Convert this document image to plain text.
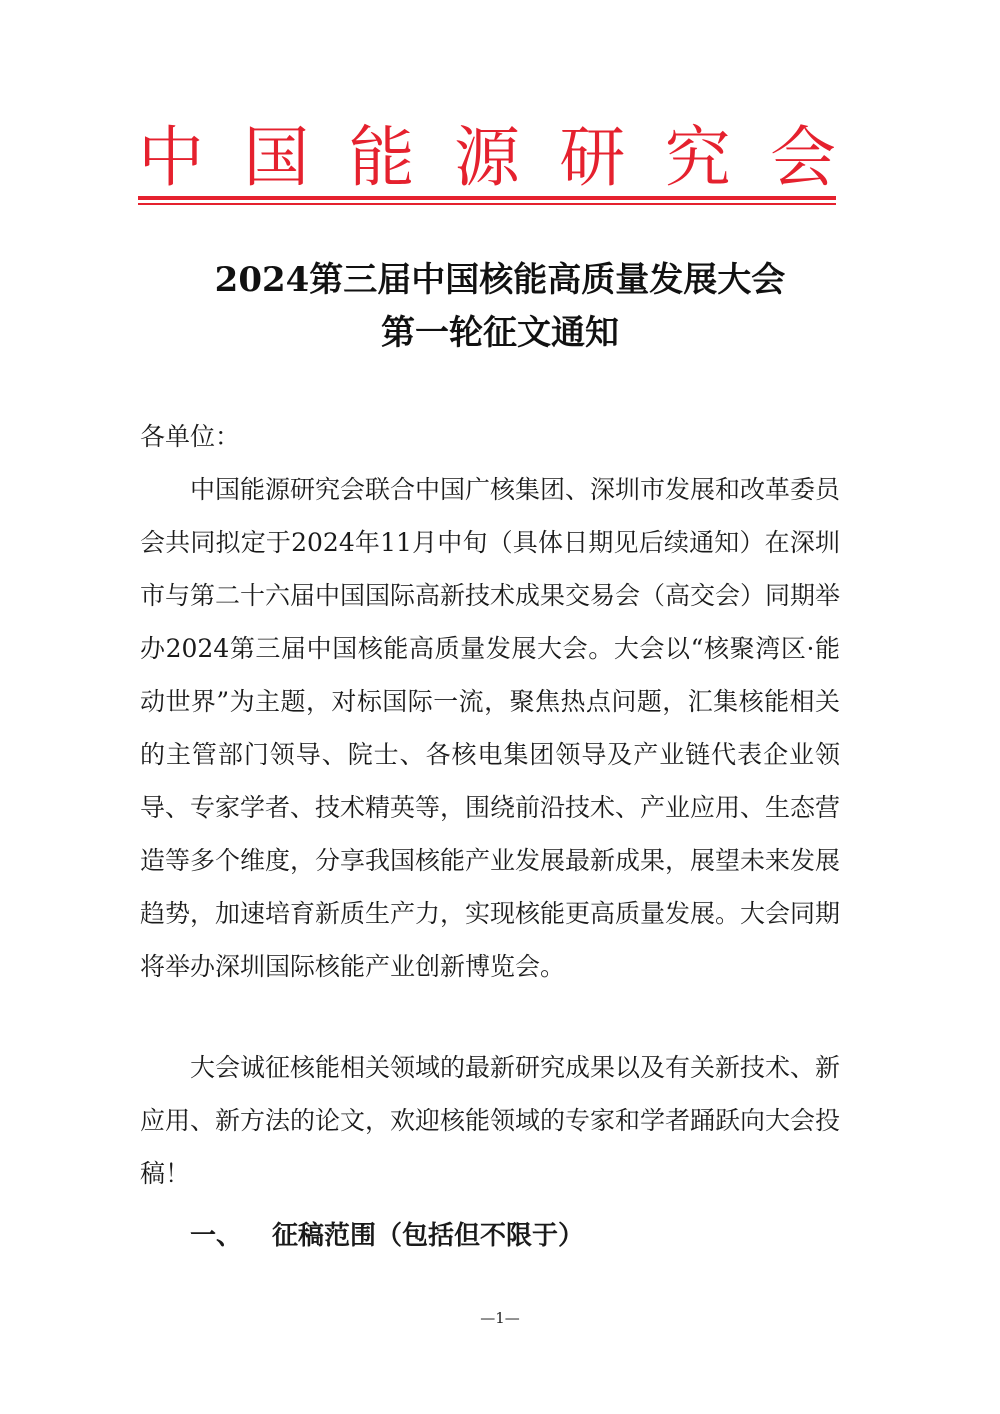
中 国 能 源 研 究 会
2024第三届中国核能高质量发展大会
第一轮征文通知
各单位：

中国能源研究会联合中国广核集团、深圳市发展和改革委员会共同拟定于2024年11月中旬（具体日期见后续通知）在深圳市与第二十六届中国国际高新技术成果交易会（高交会）同期举办2024第三届中国核能高质量发展大会。大会以“核聚湾区·能动世界”为主题，对标国际一流，聚焦热点问题，汇集核能相关的主管部门领导、院士、各核电集团领导及产业链代表企业领导、专家学者、技术精英等，围绕前沿技术、产业应用、生态营造等多个维度，分享我国核能产业发展最新成果，展望未来发展趋势，加速培育新质生产力，实现核能更高质量发展。大会同期将举办深圳国际核能产业创新博览会。

大会诚征核能相关领域的最新研究成果以及有关新技术、新应用、新方法的论文，欢迎核能领域的专家和学者踊跃向大会投稿！

一、 征稿范围（包括但不限于）
—1—
